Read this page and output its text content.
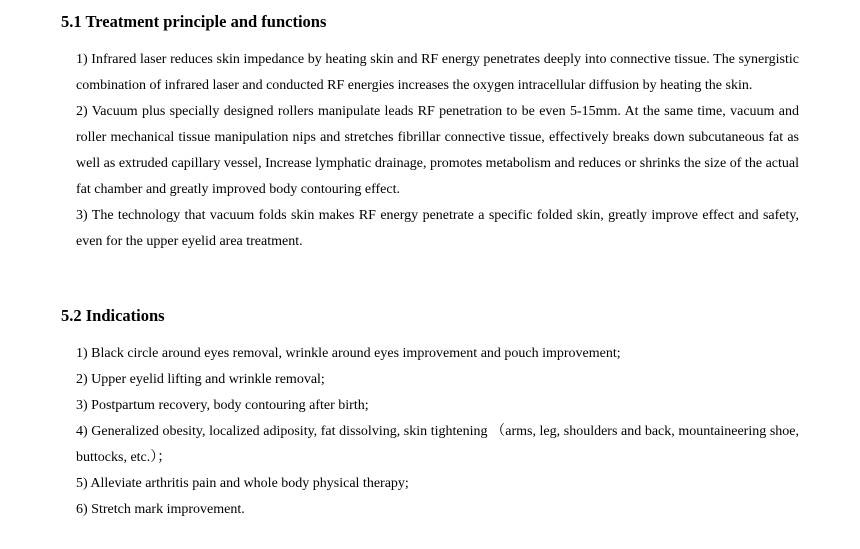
5.1 Treatment principle and functions

1) Infrared laser reduces skin impedance by heating skin and RF energy penetrates deeply into connective tissue. The synergistic combination of infrared laser and conducted RF energies increases the oxygen intracellular diffusion by heating the skin.

2) Vacuum plus specially designed rollers manipulate leads RF penetration to be even 5-15mm. At the same time, vacuum and roller mechanical tissue manipulation nips and stretches fibrillar connective tissue, effectively breaks down subcutaneous fat as well as extruded capillary vessel, Increase lymphatic drainage, promotes metabolism and reduces or shrinks the size of the actual fat chamber and greatly improved body contouring effect.

3) The technology that vacuum folds skin makes RF energy penetrate a specific folded skin, greatly improve effect and safety, even for the upper eyelid area treatment.

5.2 Indications

1) Black circle around eyes removal, wrinkle around eyes improvement and pouch improvement;

2) Upper eyelid lifting and wrinkle removal;

3) Postpartum recovery, body contouring after birth;

4) Generalized obesity, localized adiposity, fat dissolving, skin tightening （arms, leg, shoulders and back, mountaineering shoe, buttocks, etc.）；

5) Alleviate arthritis pain and whole body physical therapy;

6) Stretch mark improvement.
